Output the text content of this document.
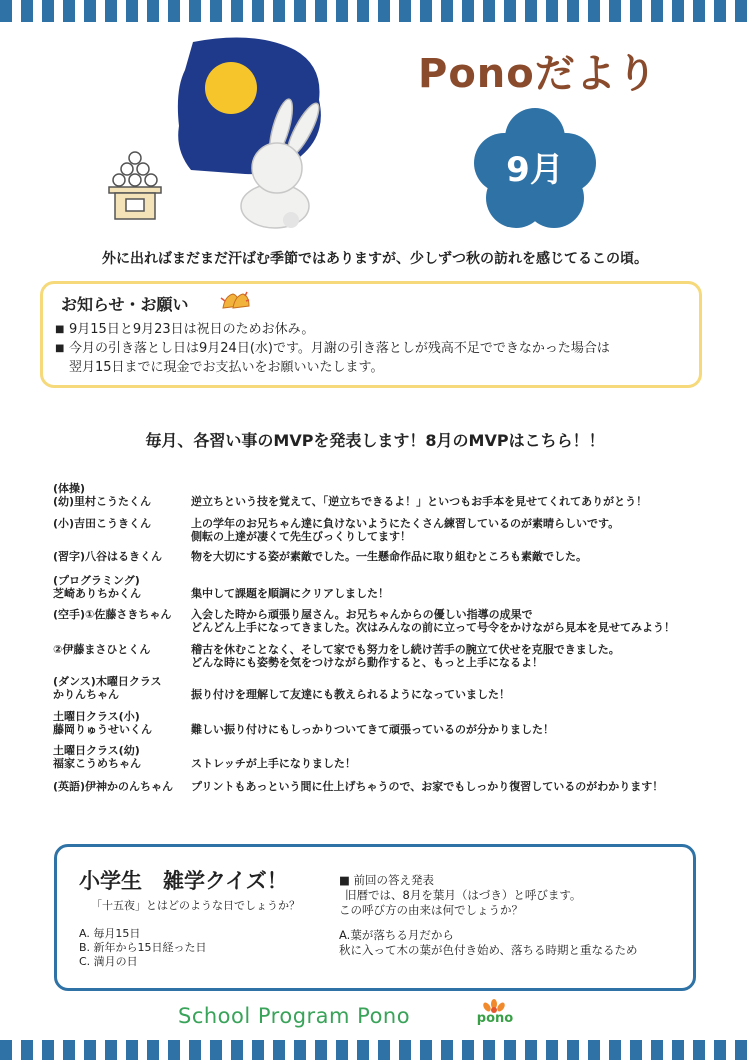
Ponoだより
9月
外に出ればまだまだ汗ばむ季節ではありますが、少しずつ秋の訪れを感じてるこの頃。
お知らせ・お願い
■ 9月15日と9月23日は祝日のためお休み。
■ 今月の引き落とし日は9月24日(水)です。月謝の引き落としが残高不足でできなかった場合は
翌月15日までに現金でお支払いをお願いいたします。
毎月、各習い事のMVPを発表します！8月のMVPはこちら！！
(体操)
(幼)里村こうたくん
	逆立ちという技を覚えて、「逆立ちできるよ！」といつもお手本を見せてくれてありがとう！
(小)吉田こうきくん	上の学年のお兄ちゃん達に負けないようにたくさん練習しているのが素晴らしいです。
側転の上達が凄くて先生びっくりしてます！
(習字)八谷はるきくん	物を大切にする姿が素敵でした。一生懸命作品に取り組むところも素敵でした。
(プログラミング)
芝崎ありちかくん
	集中して課題を順調にクリアしました！
(空手)①佐藤さきちゃん	入会した時から頑張り屋さん。お兄ちゃんからの優しい指導の成果で
どんどん上手になってきました。次はみんなの前に立って号令をかけながら見本を見せてみよう！
②伊藤まさひとくん	稽古を休むことなく、そして家でも努力をし続け苦手の腕立て伏せを克服できました。
どんな時にも姿勢を気をつけながら動作すると、もっと上手になるよ！
(ダンス)木曜日クラス
かりんちゃん
	振り付けを理解して友達にも教えられるようになっていました！
土曜日クラス(小)
藤岡りゅうせいくん
	難しい振り付けにもしっかりついてきて頑張っているのが分かりました！
土曜日クラス(幼)
福家こうめちゃん
	ストレッチが上手になりました！
(英語)伊神かのんちゃん	プリントもあっという間に仕上げちゃうので、お家でもしっかり復習しているのがわかります！
小学生　雑学クイズ！
「十五夜」とはどのような日でしょうか？
A. 毎月15日
B. 新年から15日経った日
C. 満月の日
■ 前回の答え発表
旧暦では、8月を葉月（はづき）と呼びます。
この呼び方の由来は何でしょうか？
A.葉が落ちる月だから
秋に入って木の葉が色付き始め、落ちる時期と重なるため
School Program Pono	pono
